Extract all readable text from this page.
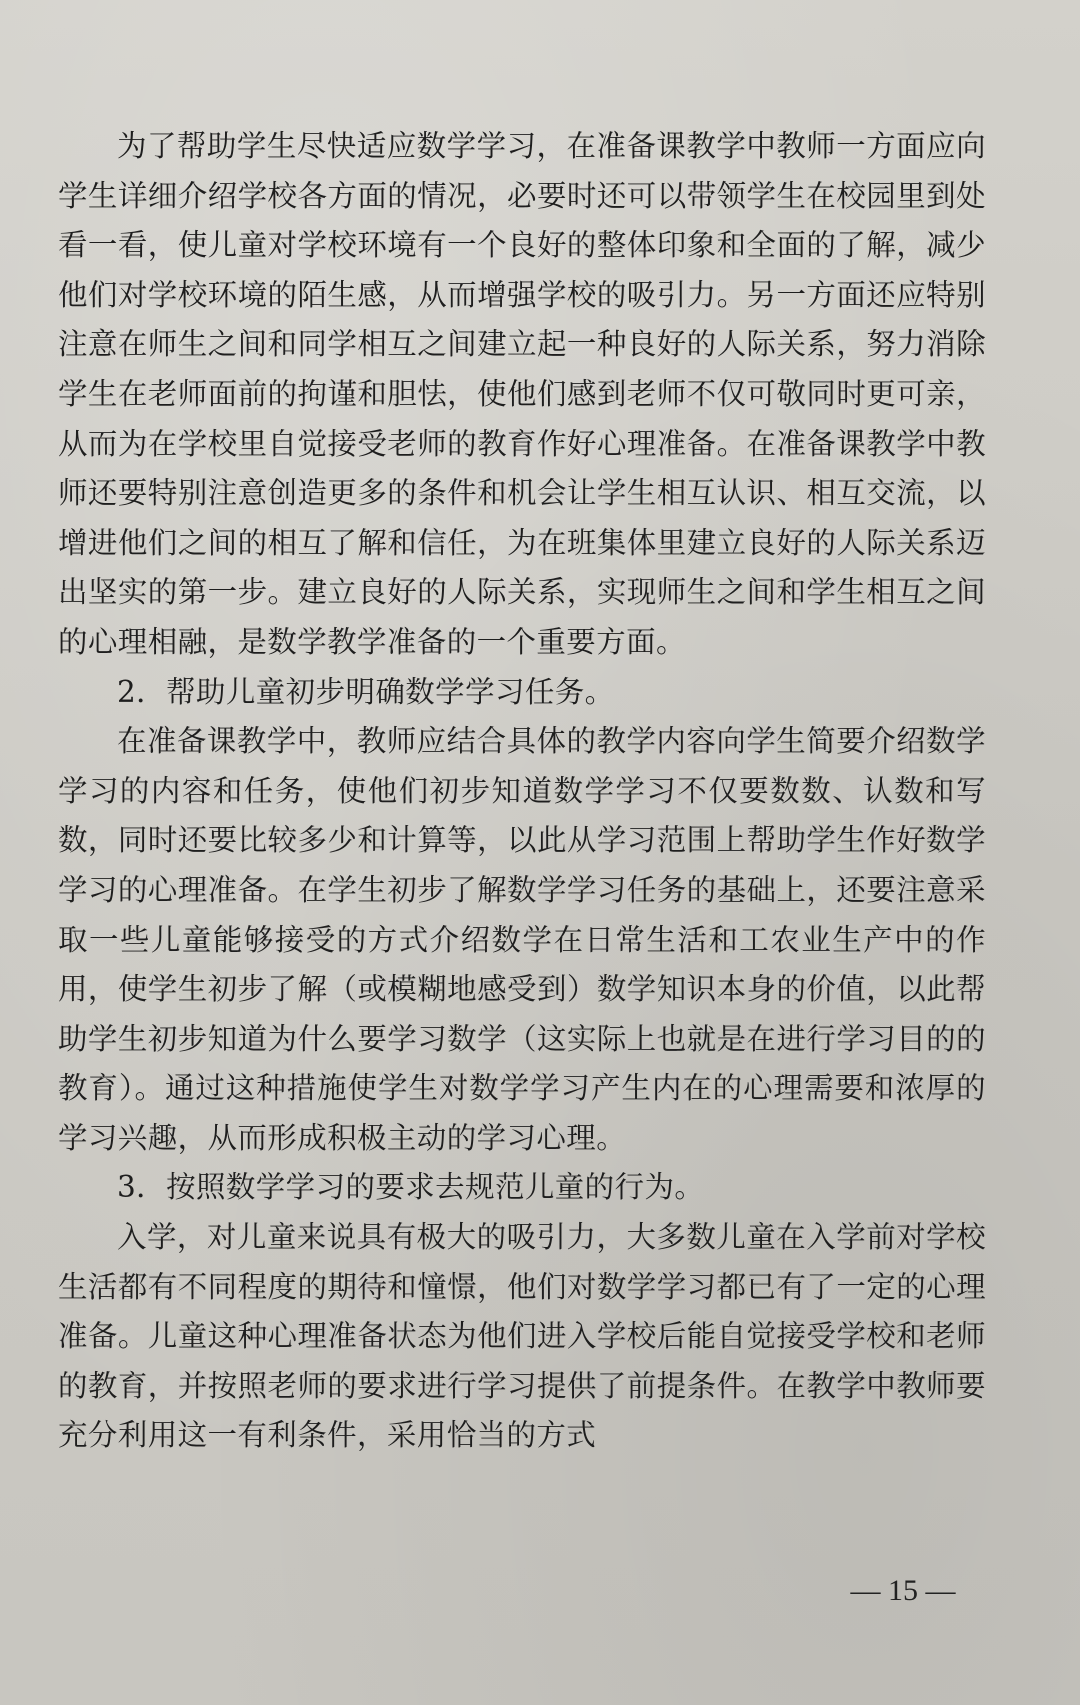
为了帮助学生尽快适应数学学习，在准备课教学中教师一方面应向学生详细介绍学校各方面的情况，必要时还可以带领学生在校园里到处看一看，使儿童对学校环境有一个良好的整体印象和全面的了解，减少他们对学校环境的陌生感，从而增强学校的吸引力。另一方面还应特别注意在师生之间和同学相互之间建立起一种良好的人际关系，努力消除学生在老师面前的拘谨和胆怯，使他们感到老师不仅可敬同时更可亲，从而为在学校里自觉接受老师的教育作好心理准备。在准备课教学中教师还要特别注意创造更多的条件和机会让学生相互认识、相互交流，以增进他们之间的相互了解和信任，为在班集体里建立良好的人际关系迈出坚实的第一步。建立良好的人际关系，实现师生之间和学生相互之间的心理相融，是数学教学准备的一个重要方面。

2．帮助儿童初步明确数学学习任务。

在准备课教学中，教师应结合具体的教学内容向学生简要介绍数学学习的内容和任务，使他们初步知道数学学习不仅要数数、认数和写数，同时还要比较多少和计算等，以此从学习范围上帮助学生作好数学学习的心理准备。在学生初步了解数学学习任务的基础上，还要注意采取一些儿童能够接受的方式介绍数学在日常生活和工农业生产中的作用，使学生初步了解（或模糊地感受到）数学知识本身的价值，以此帮助学生初步知道为什么要学习数学（这实际上也就是在进行学习目的的教育）。通过这种措施使学生对数学学习产生内在的心理需要和浓厚的学习兴趣，从而形成积极主动的学习心理。

3．按照数学学习的要求去规范儿童的行为。

入学，对儿童来说具有极大的吸引力，大多数儿童在入学前对学校生活都有不同程度的期待和憧憬，他们对数学学习都已有了一定的心理准备。儿童这种心理准备状态为他们进入学校后能自觉接受学校和老师的教育，并按照老师的要求进行学习提供了前提条件。在教学中教师要充分利用这一有利条件，采用恰当的方式

— 15 —
